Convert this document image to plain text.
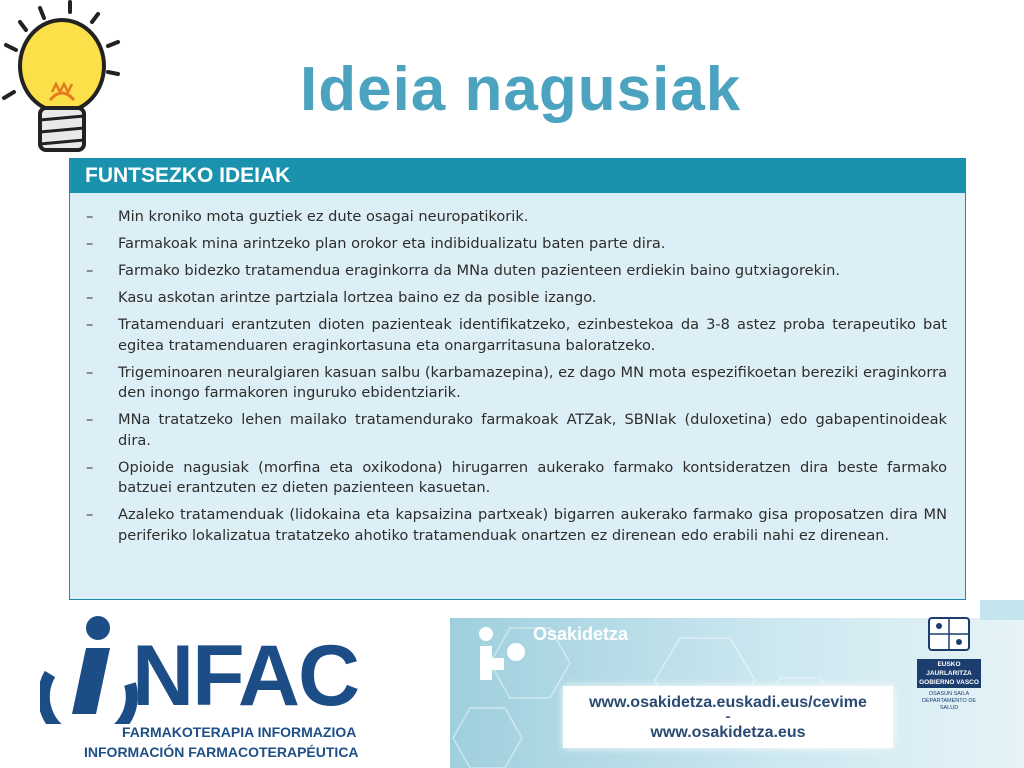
Ideia nagusiak
FUNTSEZKO IDEIAK
– Min kroniko mota guztiek ez dute osagai neuropatikorik.
– Farmakoak mina arintzeko plan orokor eta indibidualizatu baten parte dira.
– Farmako bidezko tratamendua eraginkorra da MNa duten pazienteen erdiekin baino gutxiagorekin.
– Kasu askotan arintze partziala lortzea baino ez da posible izango.
– Tratamenduari erantzuten dioten pazienteak identifikatzeko, ezinbestekoa da 3-8 astez proba terapeutiko bat egitea tratamenduaren eraginkortasuna eta onargarritasuna baloratzeko.
– Trigeminoaren neuralgiaren kasuan salbu (karbamazepina), ez dago MN mota espezifikoetan bereziki eraginkorra den inongo farmakoren inguruko ebidentziarik.
– MNa tratatzeko lehen mailako tratamendurako farmakoak ATZak, SBNIak (duloxetina) edo gabapentinoideak dira.
– Opioide nagusiak (morfina eta oxikodona) hirugarren aukerako farmako kontsideratzen dira beste farmako batzuei erantzuten ez dieten pazienteen kasuetan.
– Azaleko tratamenduak (lidokaina eta kapsaizina partxeak) bigarren aukerako farmako gisa proposatzen dira MN periferiko lokalizatua tratatzeko ahotiko tratamenduak onartzen ez direnean edo erabili nahi ez direnean.
NFAC
FARMAKOTERAPIA INFORMAZIOA
INFORMACIÓN FARMACOTERAPÉUTICA
Osakidetza
www.osakidetza.euskadi.eus/cevime
-
www.osakidetza.eus
EUSKO JAURLARITZA
GOBIERNO VASCO
OSASUN SAILA
DEPARTAMENTO DE SALUD
